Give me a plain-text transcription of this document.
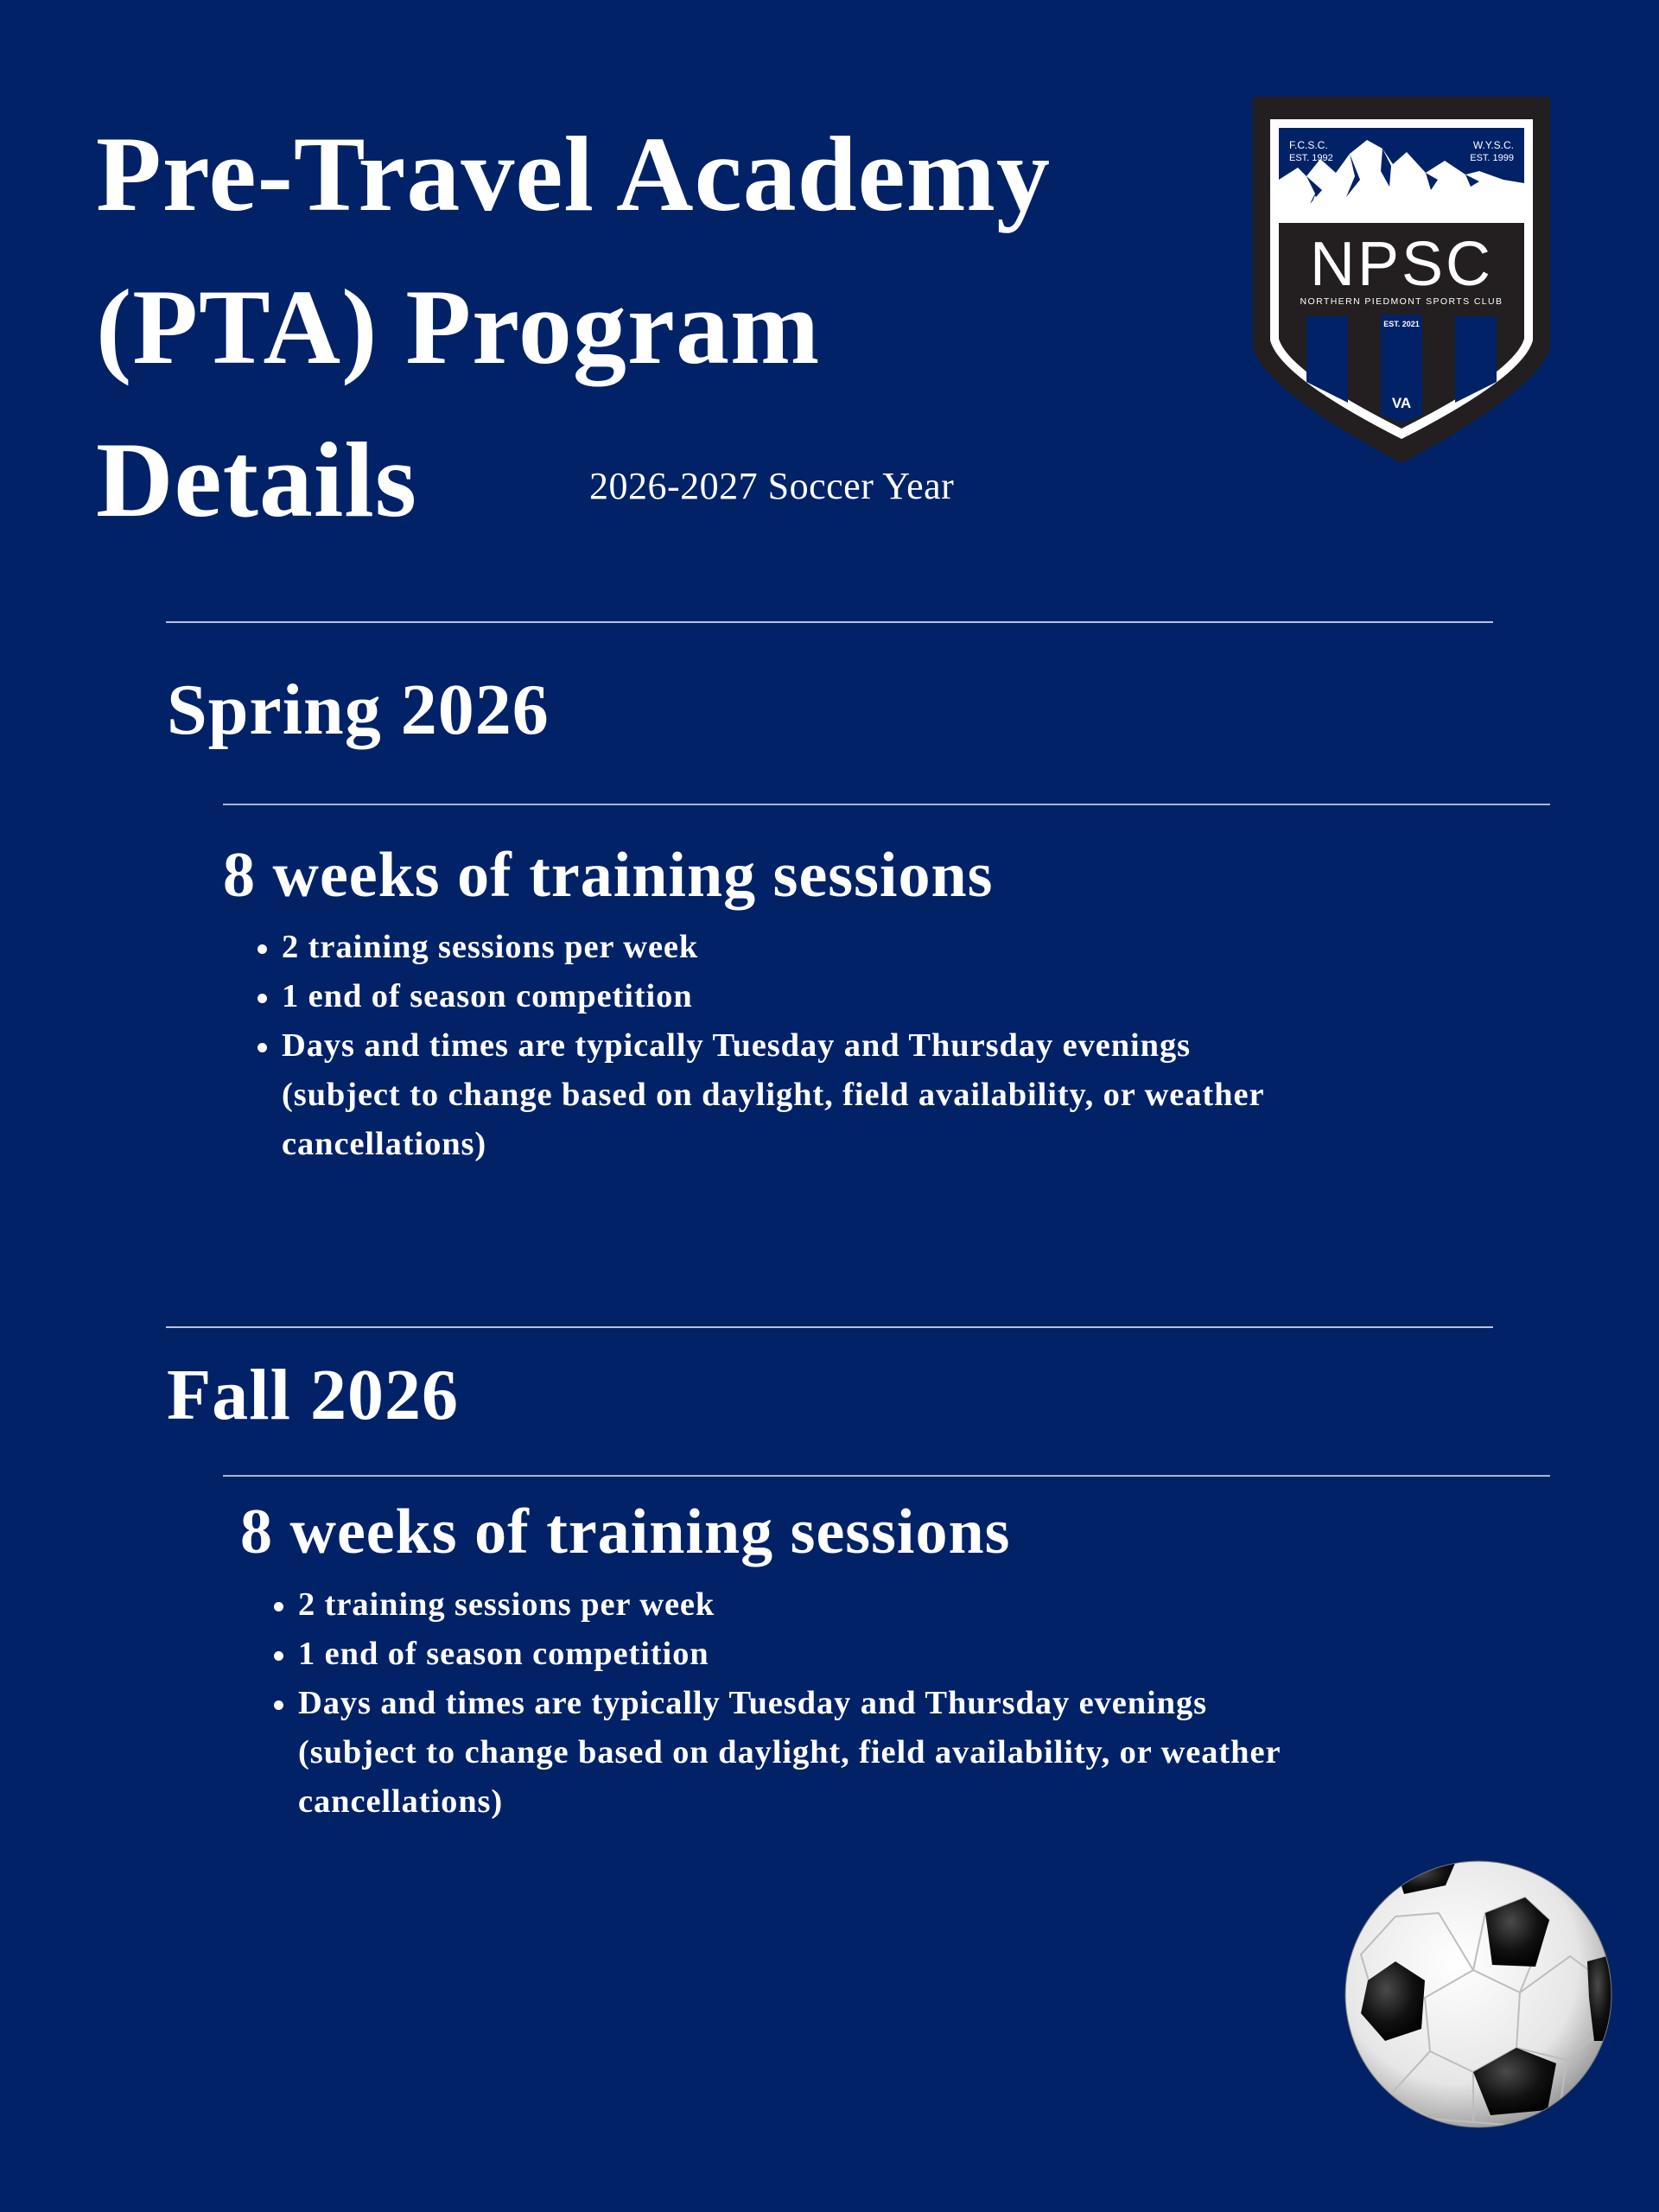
Pre-Travel Academy
(PTA) Program
Details	2026-2027 Soccer Year
F.C.S.C.
EST. 1992
W.Y.S.C.
EST. 1999
NPSC
NORTHERN PIEDMONT SPORTS CLUB
EST. 2021
VA
Spring 2026
8 weeks of training sessions
2 training sessions per week
1 end of season competition
Days and times are typically Tuesday and Thursday evenings
(subject to change based on daylight, field availability, or weather
cancellations)
Fall 2026
8 weeks of training sessions
2 training sessions per week
1 end of season competition
Days and times are typically Tuesday and Thursday evenings
(subject to change based on daylight, field availability, or weather
cancellations)
